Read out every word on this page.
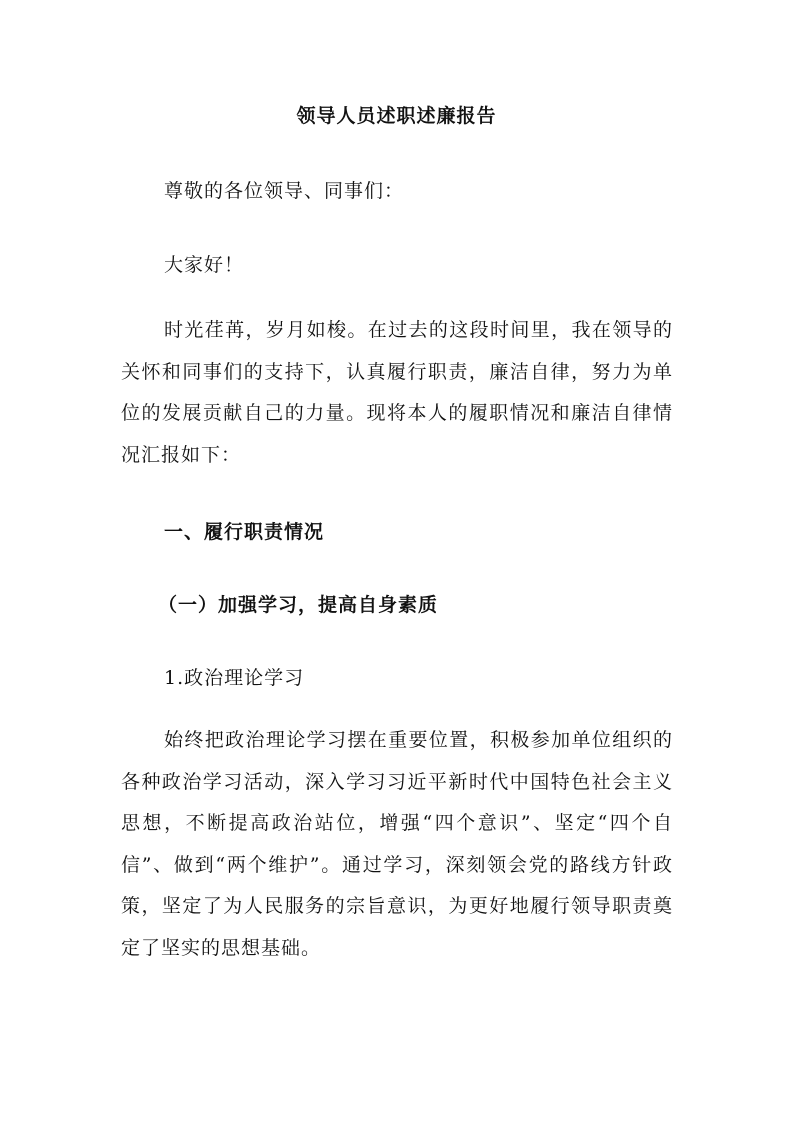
领导人员述职述廉报告

尊敬的各位领导、同事们：

大家好！

时光荏苒，岁月如梭。在过去的这段时间里，我在领导的关怀和同事们的支持下，认真履行职责，廉洁自律，努力为单位的发展贡献自己的力量。现将本人的履职情况和廉洁自律情况汇报如下：

一、履行职责情况
（一）加强学习，提高自身素质

1.政治理论学习

始终把政治理论学习摆在重要位置，积极参加单位组织的各种政治学习活动，深入学习习近平新时代中国特色社会主义思想，不断提高政治站位，增强“四个意识”、坚定“四个自信”、做到“两个维护”。通过学习，深刻领会党的路线方针政策，坚定了为人民服务的宗旨意识，为更好地履行领导职责奠定了坚实的思想基础。
